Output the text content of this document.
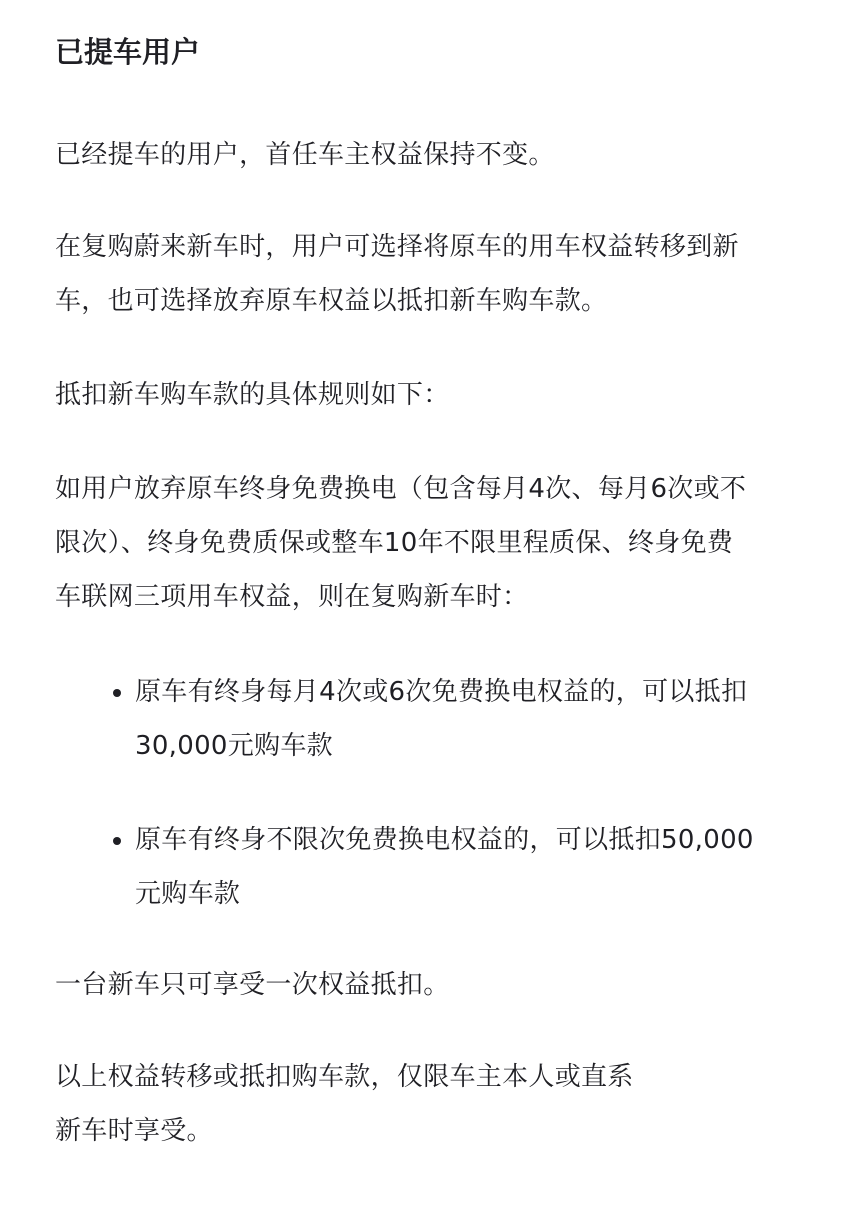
已提车用户

已经提车的用户，首任车主权益保持不变。

在复购蔚来新车时，用户可选择将原车的用车权益转移到新
车，也可选择放弃原车权益以抵扣新车购车款。

抵扣新车购车款的具体规则如下：

如用户放弃原车终身免费换电（包含每月4次、每月6次或不
限次）、终身免费质保或整车10年不限里程质保、终身免费
车联网三项用车权益，则在复购新车时：

原车有终身每月4次或6次免费换电权益的，可以抵扣
30,000元购车款
原车有终身不限次免费换电权益的，可以抵扣50,000
元购车款

一台新车只可享受一次权益抵扣。

以上权益转移或抵扣购车款，仅限车主本人或直系
新车时享受。
